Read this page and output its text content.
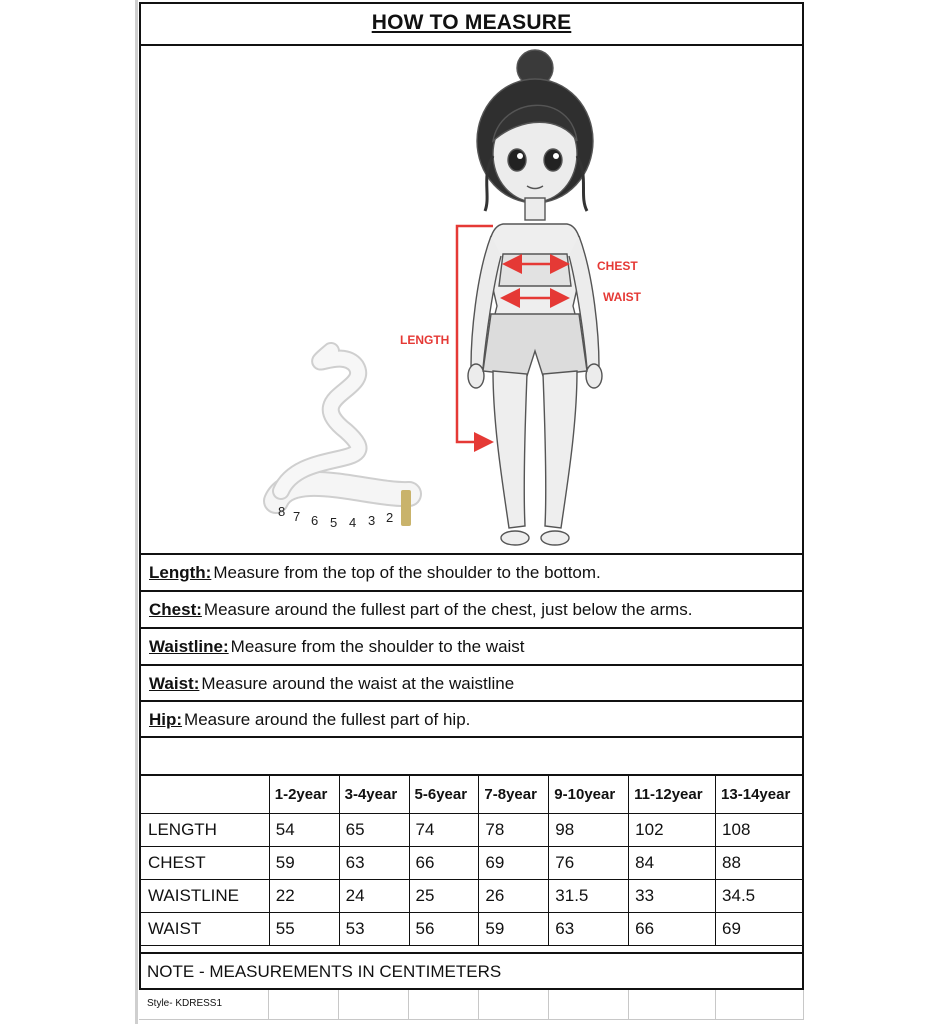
HOW TO MEASURE
2
3
4
5
6
7
8
CHEST
WAIST
LENGTH
Length: Measure from the top of the shoulder to the bottom.
Chest: Measure around the fullest part of the chest, just below the arms.
Waistline: Measure from the shoulder to the waist
Waist: Measure around the waist at the waistline
Hip: Measure around the fullest part of hip.
	1-2year	3-4year	5-6year	7-8year	9-10year	11-12year	13-14year
LENGTH	54	65	74	78	98	102	108
CHEST	59	63	66	69	76	84	88
WAISTLINE	22	24	25	26	31.5	33	34.5
WAIST	55	53	56	59	63	66	69
NOTE - MEASUREMENTS IN CENTIMETERS
Style- KDRESS1
